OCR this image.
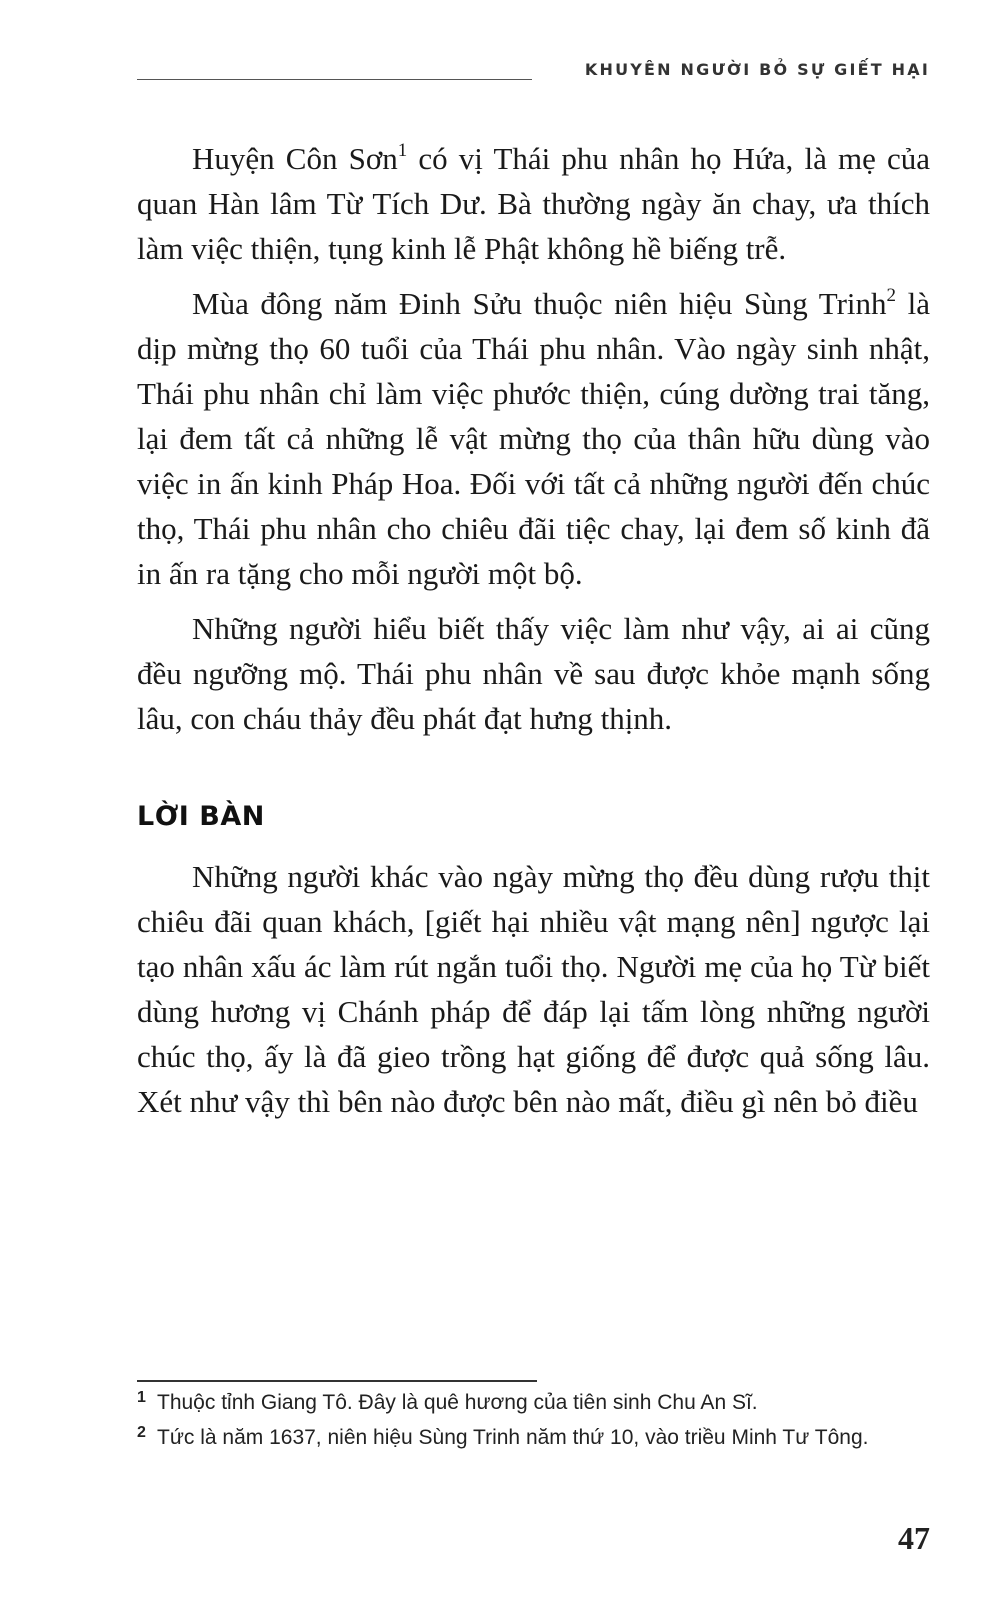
KHUYÊN NGƯỜI BỎ SỰ GIẾT HẠI

Huyện Côn Sơn$^1$ có vị Thái phu nhân họ Hứa, là mẹ của quan Hàn lâm Từ Tích Dư. Bà thường ngày ăn chay, ưa thích làm việc thiện, tụng kinh lễ Phật không hề biếng trễ.

Mùa đông năm Đinh Sửu thuộc niên hiệu Sùng Trinh$^2$ là dịp mừng thọ 60 tuổi của Thái phu nhân. Vào ngày sinh nhật, Thái phu nhân chỉ làm việc phước thiện, cúng dường trai tăng, lại đem tất cả những lễ vật mừng thọ của thân hữu dùng vào việc in ấn kinh Pháp Hoa. Đối với tất cả những người đến chúc thọ, Thái phu nhân cho chiêu đãi tiệc chay, lại đem số kinh đã in ấn ra tặng cho mỗi người một bộ.

Những người hiểu biết thấy việc làm như vậy, ai ai cũng đều ngưỡng mộ. Thái phu nhân về sau được khỏe mạnh sống lâu, con cháu thảy đều phát đạt hưng thịnh.

LỜI BÀN

Những người khác vào ngày mừng thọ đều dùng rượu thịt chiêu đãi quan khách, [giết hại nhiều vật mạng nên] ngược lại tạo nhân xấu ác làm rút ngắn tuổi thọ. Người mẹ của họ Từ biết dùng hương vị Chánh pháp để đáp lại tấm lòng những người chúc thọ, ấy là đã gieo trồng hạt giống để được quả sống lâu. Xét như vậy thì bên nào được bên nào mất, điều gì nên bỏ điều

1 Thuộc tỉnh Giang Tô. Đây là quê hương của tiên sinh Chu An Sĩ.
2 Tức là năm 1637, niên hiệu Sùng Trinh năm thứ 10, vào triều Minh Tư Tông.
47
